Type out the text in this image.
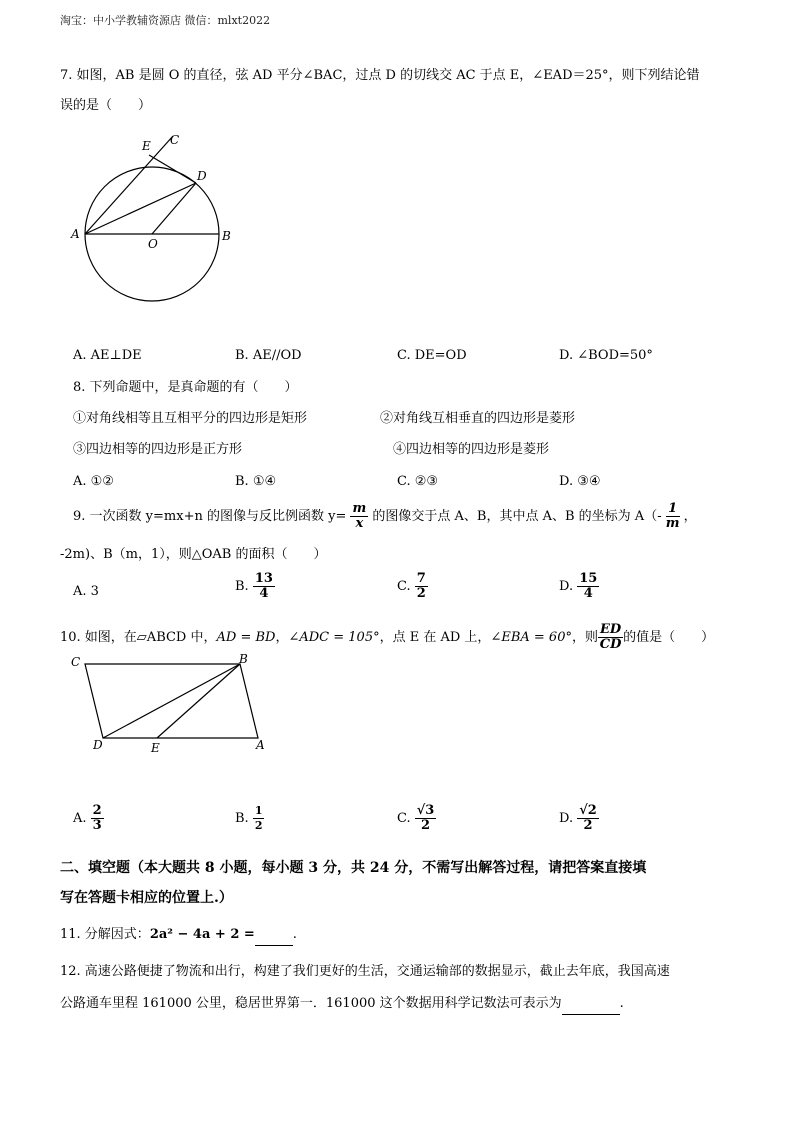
淘宝：中小学教辅资源店 微信：mlxt2022
7. 如图，AB 是圆 O 的直径，弦 AD 平分∠BAC，过点 D 的切线交 AC 于点 E，∠EAD＝25°，则下列结论错
误的是（　　）
E C
D
A
O
B
A. AE⊥DE	B. AE//OD	C. DE=OD	D. ∠BOD=50°
8. 下列命题中，是真命题的有（　　）
①对角线相等且互相平分的四边形是矩形	②对角线互相垂直的四边形是菱形
③四边相等的四边形是正方形	④四边相等的四边形是菱形
A. ①②	B. ①④	C. ②③	D. ③④
9. 一次函数 y=mx+n 的图像与反比例函数 $y= \frac{m}{x}$ 的图像交于点 A、B，其中点 A、B 的坐标为 $A(- \frac{1}{m}$ ，
-2m)、B（m，1），则△OAB 的面积（　　）
A. 3	B. $\frac{13}{4}$	C. $\frac{7}{2}$	D. $\frac{15}{4}$
10. 如图，在▱ABCD 中，AD = BD，∠ADC = 105°，点 E 在 AD 上，∠EBA = 60°，则 $\frac{ED}{CD}$ 的值是（　　）
C	B
D	E	A
A. $\frac{2}{3}$	B. $\frac{1}{2}$	C. $\frac{√3}{2}$	D. $\frac{√2}{2}$
二、填空题（本大题共 8 小题，每小题 3 分，共 24 分，不需写出解答过程，请把答案直接填
写在答题卡相应的位置上.）
11. 分解因式：2a² − 4a + 2 =	.
12. 高速公路便捷了物流和出行，构建了我们更好的生活，交通运输部的数据显示，截止去年底，我国高速
公路通车里程 161000 公里，稳居世界第一．161000 这个数据用科学记数法可表示为	.
